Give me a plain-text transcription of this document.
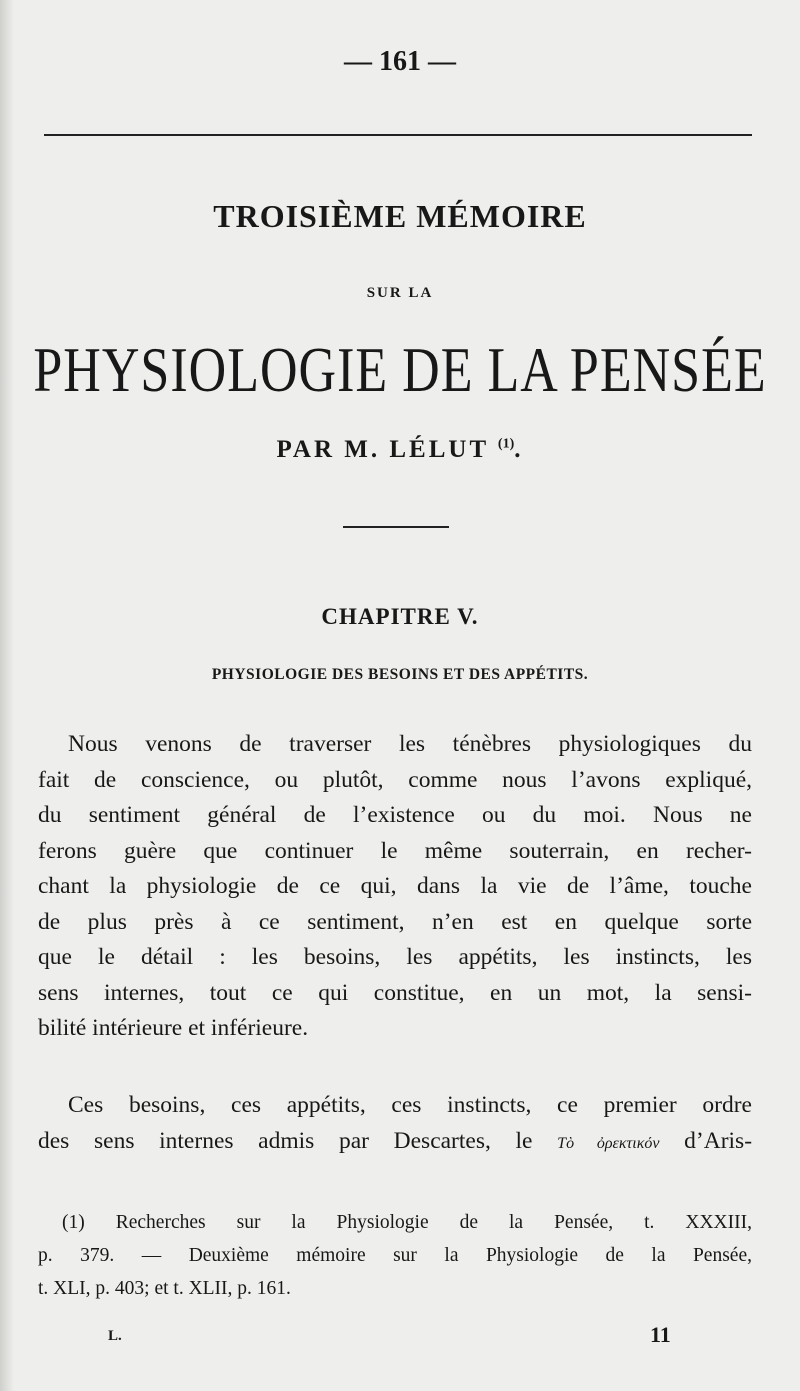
— 161 —
TROISIÈME MÉMOIRE
SUR LA
PHYSIOLOGIE DE LA PENSÉE
PAR M. LÉLUT $^{(1)}$.
CHAPITRE V.
PHYSIOLOGIE DES BESOINS ET DES APPÉTITS.
Nous venons de traverser les ténèbres physiologiques du
fait de conscience, ou plutôt, comme nous l’avons expliqué,
du sentiment général de l’existence ou du moi. Nous ne
ferons guère que continuer le même souterrain, en recher-
chant la physiologie de ce qui, dans la vie de l’âme, touche
de plus près à ce sentiment, n’en est en quelque sorte
que le détail : les besoins, les appétits, les instincts, les
sens internes, tout ce qui constitue, en un mot, la sensi-
bilité intérieure et inférieure.
Ces besoins, ces appétits, ces instincts, ce premier ordre
des sens internes admis par Descartes, le Τὸ ὀρεκτικόν d’Aris-
(1) Recherches sur la Physiologie de la Pensée, t. XXXIII,
p. 379. — Deuxième mémoire sur la Physiologie de la Pensée,
t. XLI, p. 403; et t. XLII, p. 161.
L.	11
